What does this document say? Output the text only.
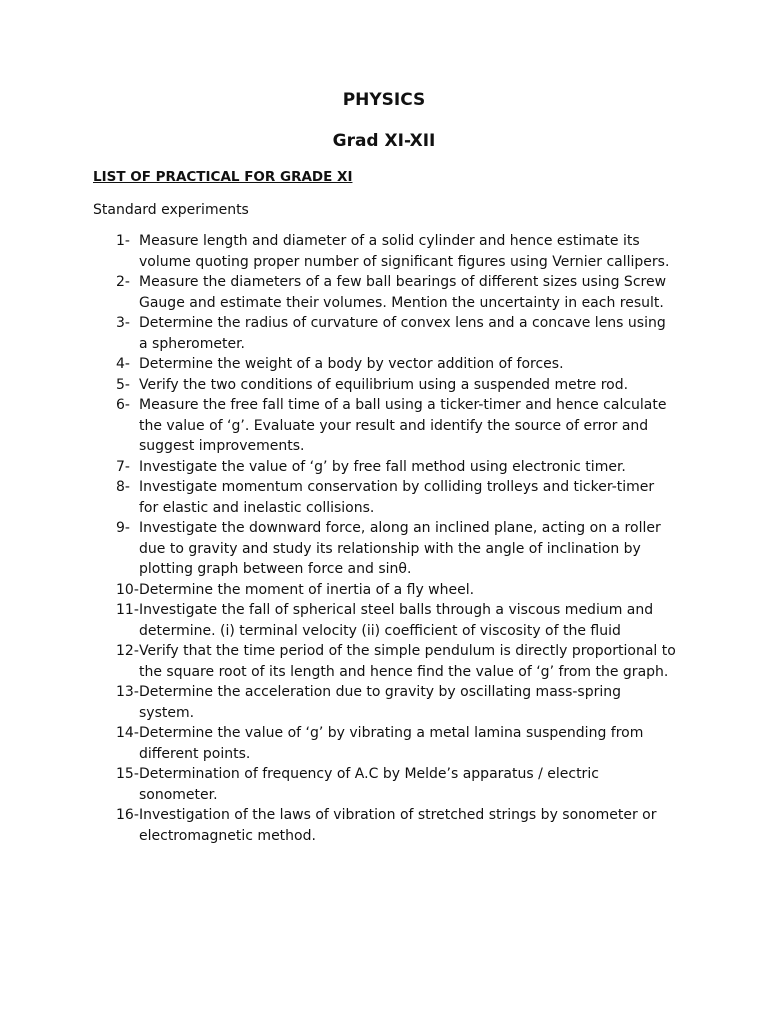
PHYSICS
Grad XI-XII
LIST OF PRACTICAL FOR GRADE XI
Standard experiments
1- Measure length and diameter of a solid cylinder and hence estimate its volume quoting proper number of significant figures using Vernier callipers.
2- Measure the diameters of a few ball bearings of different sizes using Screw Gauge and estimate their volumes. Mention the uncertainty in each result.
3- Determine the radius of curvature of convex lens and a concave lens using a spherometer.
4- Determine the weight of a body by vector addition of forces.
5- Verify the two conditions of equilibrium using a suspended metre rod.
6- Measure the free fall time of a ball using a ticker-timer and hence calculate the value of ‘g’. Evaluate your result and identify the source of error and suggest improvements.
7- Investigate the value of ‘g’ by free fall method using electronic timer.
8- Investigate momentum conservation by colliding trolleys and ticker-timer for elastic and inelastic collisions.
9- Investigate the downward force, along an inclined plane, acting on a roller due to gravity and study its relationship with the angle of inclination by plotting graph between force and sinθ.
10- Determine the moment of inertia of a fly wheel.
11- Investigate the fall of spherical steel balls through a viscous medium and determine. (i) terminal velocity (ii) coefficient of viscosity of the fluid
12- Verify that the time period of the simple pendulum is directly proportional to the square root of its length and hence find the value of ‘g’ from the graph.
13- Determine the acceleration due to gravity by oscillating mass-spring system.
14- Determine the value of ‘g’ by vibrating a metal lamina suspending from different points.
15- Determination of frequency of A.C by Melde’s apparatus / electric sonometer.
16- Investigation of the laws of vibration of stretched strings by sonometer or electromagnetic method.
